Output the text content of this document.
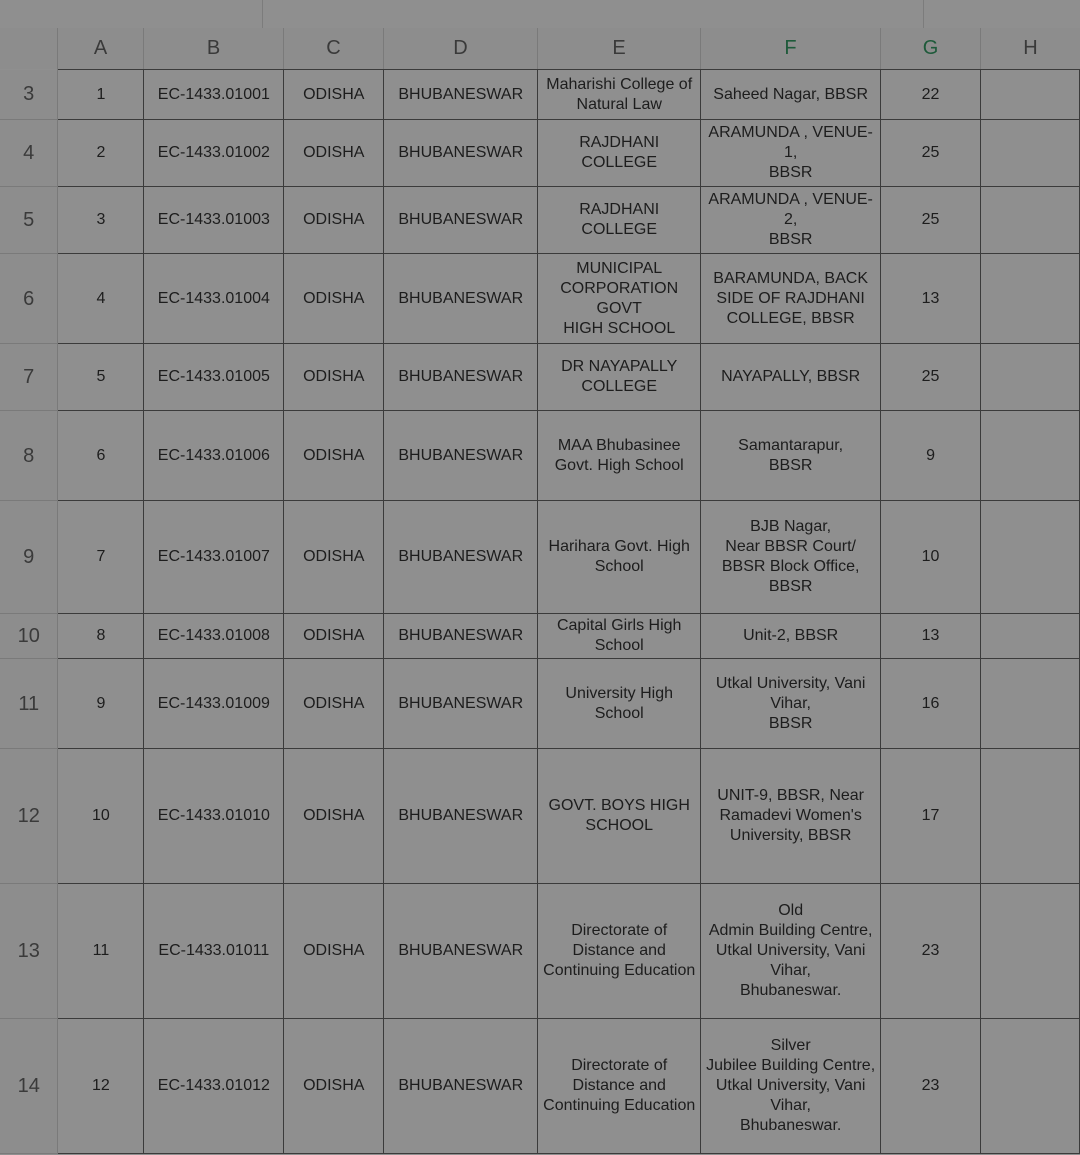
A	B	C	D	E	F	G	H
3	1	EC-1433.01001	ODISHA	BHUBANESWAR	Maharishi College of
Natural Law	Saheed Nagar, BBSR	22	
4	2	EC-1433.01002	ODISHA	BHUBANESWAR	RAJDHANI COLLEGE	ARAMUNDA , VENUE-1,
BBSR	25	
5	3	EC-1433.01003	ODISHA	BHUBANESWAR	RAJDHANI COLLEGE	ARAMUNDA , VENUE-2,
BBSR	25	
6	4	EC-1433.01004	ODISHA	BHUBANESWAR	MUNICIPAL
CORPORATION GOVT
HIGH SCHOOL	BARAMUNDA, BACK
SIDE OF RAJDHANI
COLLEGE, BBSR	13	
7	5	EC-1433.01005	ODISHA	BHUBANESWAR	DR NAYAPALLY
COLLEGE	NAYAPALLY, BBSR	25	
8	6	EC-1433.01006	ODISHA	BHUBANESWAR	MAA Bhubasinee
Govt. High School	Samantarapur,
BBSR	9	
9	7	EC-1433.01007	ODISHA	BHUBANESWAR	Harihara Govt. High
School	BJB Nagar,
Near BBSR Court/
BBSR Block Office,
BBSR	10	
10	8	EC-1433.01008	ODISHA	BHUBANESWAR	Capital Girls High
School	Unit-2, BBSR	13	
11	9	EC-1433.01009	ODISHA	BHUBANESWAR	University High
School	Utkal University, Vani
Vihar,
BBSR	16	
12	10	EC-1433.01010	ODISHA	BHUBANESWAR	GOVT. BOYS HIGH
SCHOOL	UNIT-9, BBSR, Near
Ramadevi Women's
University, BBSR	17	
13	11	EC-1433.01011	ODISHA	BHUBANESWAR	Directorate of
Distance and
Continuing Education	Old
Admin Building Centre,
Utkal University, Vani
Vihar,
Bhubaneswar.	23	
14	12	EC-1433.01012	ODISHA	BHUBANESWAR	Directorate of
Distance and
Continuing Education	Silver
Jubilee Building Centre,
Utkal University, Vani
Vihar,
Bhubaneswar.	23	
